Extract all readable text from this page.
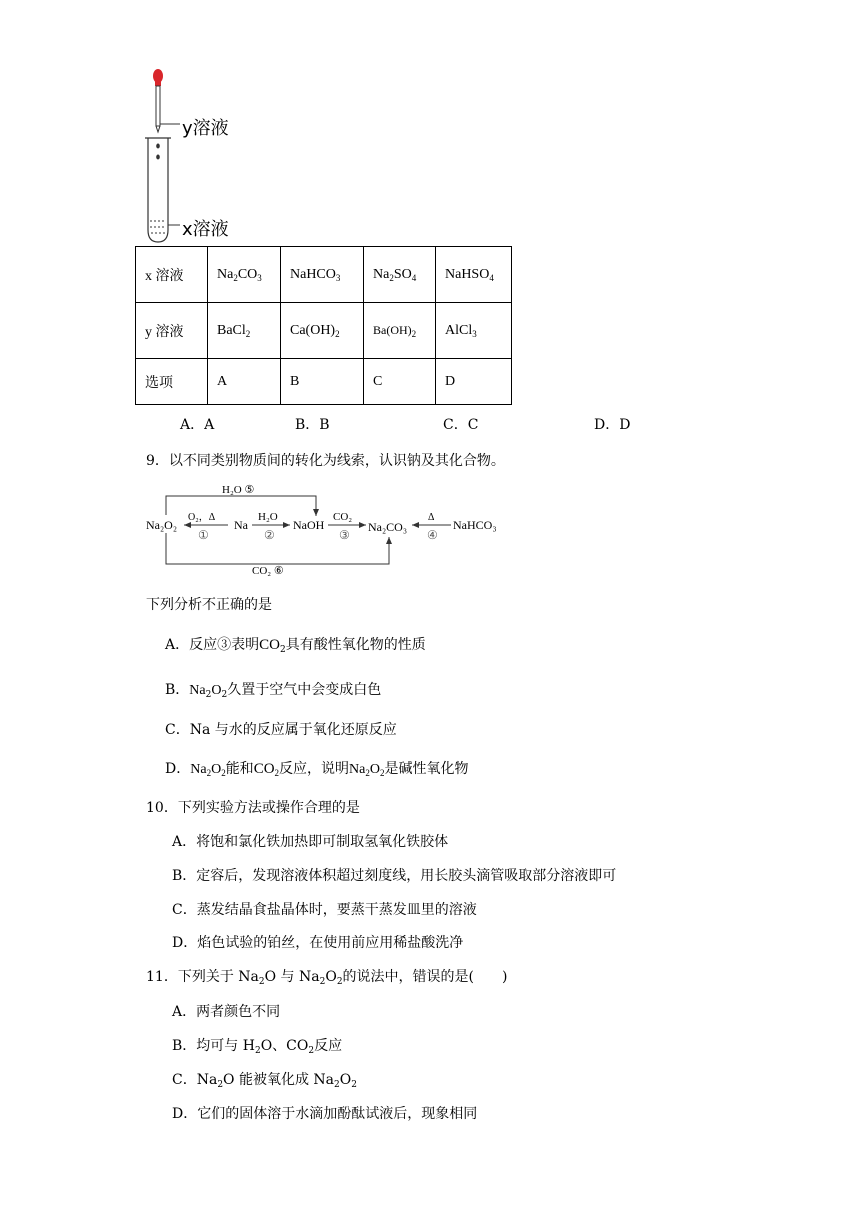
y溶液
x溶液
x 溶液	$Na_2CO_3$	NaHCO$_3$	$Na_2SO_4$	NaHSO$_4$
y 溶液	BaCl$_2$	$Ca(OH)_2$	$Ba(OH)_2$	AlCl$_3$
选项	A	B	C	D
A．A	B．B	C．C	D．D
9．以不同类别物质间的转化为线索，认识钠及其化合物。
Na₂O₂	Na	NaOH	Na₂CO₃	NaHCO₃
O₂，Δ
①
H₂O
②
CO₂
③
Δ
④
H₂O ⑤
CO₂ ⑥
下列分析不正确的是
A．反应③表明$CO_2$具有酸性氧化物的性质
B．$Na_2O_2$久置于空气中会变成白色
C．Na 与水的反应属于氧化还原反应
D．$Na_2O_2$能和$CO_2$反应，说明$Na_2O_2$是碱性氧化物
10．下列实验方法或操作合理的是
A．将饱和氯化铁加热即可制取氢氧化铁胶体
B．定容后，发现溶液体积超过刻度线，用长胶头滴管吸取部分溶液即可
C．蒸发结晶食盐晶体时，要蒸干蒸发皿里的溶液
D．焰色试验的铂丝，在使用前应用稀盐酸洗净
11．下列关于 $Na_2O$ 与 $Na_2O_2$的说法中，错误的是(　　)
A．两者颜色不同
B．均可与 $H_2O$、$CO_2$反应
C．$Na_2O$ 能被氧化成 $Na_2O_2$
D．它们的固体溶于水滴加酚酞试液后，现象相同
